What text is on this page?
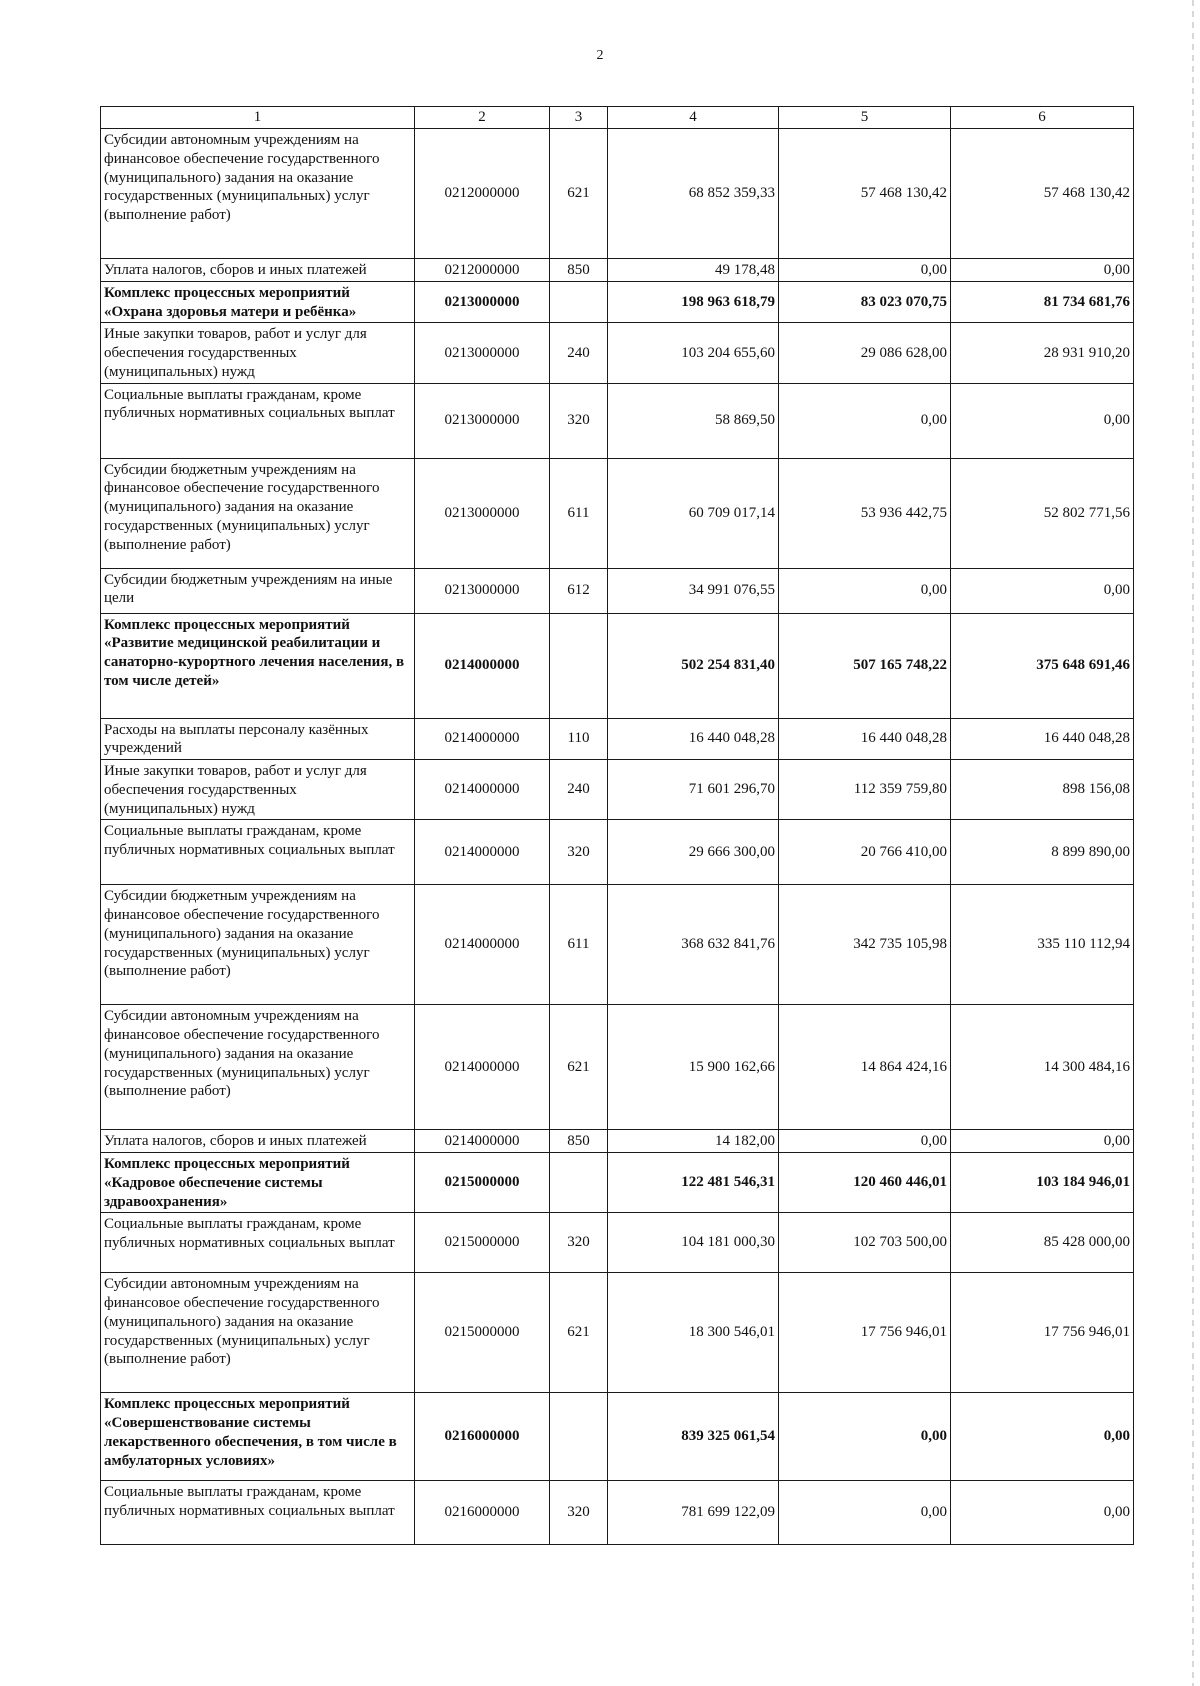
2
1	2	3	4	5	6
Субсидии автономным учреждениям на финансовое обеспечение государственного (муниципального) задания на оказание государственных (муниципальных) услуг (выполнение работ)	0212000000	621	68 852 359,33	57 468 130,42	57 468 130,42
Уплата налогов, сборов и иных платежей	0212000000	850	49 178,48	0,00	0,00
Комплекс процессных мероприятий «Охрана здоровья матери и ребёнка»	0213000000		198 963 618,79	83 023 070,75	81 734 681,76
Иные закупки товаров, работ и услуг для обеспечения государственных (муниципальных) нужд	0213000000	240	103 204 655,60	29 086 628,00	28 931 910,20
Социальные выплаты гражданам, кроме публичных нормативных социальных выплат	0213000000	320	58 869,50	0,00	0,00
Субсидии бюджетным учреждениям на финансовое обеспечение государственного (муниципального) задания на оказание государственных (муниципальных) услуг (выполнение работ)	0213000000	611	60 709 017,14	53 936 442,75	52 802 771,56
Субсидии бюджетным учреждениям на иные цели	0213000000	612	34 991 076,55	0,00	0,00
Комплекс процессных мероприятий «Развитие медицинской реабилитации и санаторно-курортного лечения населения, в том числе детей»	0214000000		502 254 831,40	507 165 748,22	375 648 691,46
Расходы на выплаты персоналу казённых учреждений	0214000000	110	16 440 048,28	16 440 048,28	16 440 048,28
Иные закупки товаров, работ и услуг для обеспечения государственных (муниципальных) нужд	0214000000	240	71 601 296,70	112 359 759,80	898 156,08
Социальные выплаты гражданам, кроме публичных нормативных социальных выплат	0214000000	320	29 666 300,00	20 766 410,00	8 899 890,00
Субсидии бюджетным учреждениям на финансовое обеспечение государственного (муниципального) задания на оказание государственных (муниципальных) услуг (выполнение работ)	0214000000	611	368 632 841,76	342 735 105,98	335 110 112,94
Субсидии автономным учреждениям на финансовое обеспечение государственного (муниципального) задания на оказание государственных (муниципальных) услуг (выполнение работ)	0214000000	621	15 900 162,66	14 864 424,16	14 300 484,16
Уплата налогов, сборов и иных платежей	0214000000	850	14 182,00	0,00	0,00
Комплекс процессных мероприятий «Кадровое обеспечение системы здравоохранения»	0215000000		122 481 546,31	120 460 446,01	103 184 946,01
Социальные выплаты гражданам, кроме публичных нормативных социальных выплат	0215000000	320	104 181 000,30	102 703 500,00	85 428 000,00
Субсидии автономным учреждениям на финансовое обеспечение государственного (муниципального) задания на оказание государственных (муниципальных) услуг (выполнение работ)	0215000000	621	18 300 546,01	17 756 946,01	17 756 946,01
Комплекс процессных мероприятий «Совершенствование системы лекарственного обеспечения, в том числе в амбулаторных условиях»	0216000000		839 325 061,54	0,00	0,00
Социальные выплаты гражданам, кроме публичных нормативных социальных выплат	0216000000	320	781 699 122,09	0,00	0,00
